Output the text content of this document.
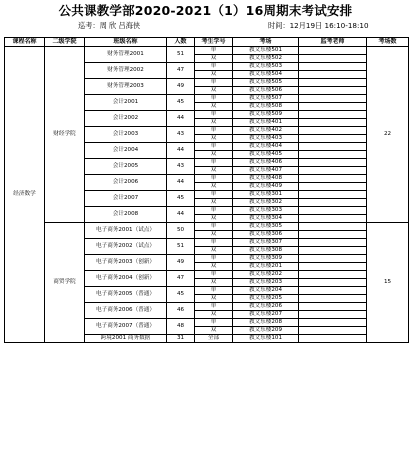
公共课教学部2020-2021（1）16周期末考试安排
巡考：周 欣 吕海侠	时间：12月19日 16:10-18:10
课程名称	二级学院	班级名称	人数	考生学号	考场	监考老师	考场数
经济数学	财经学院	财务管理2001	51	单	教文东楼501		22
				双	教文东楼502		
		财务管理2002	47	单	教文东楼503		
				双	教文东楼504		
		财务管理2003	49	单	教文东楼505		
				双	教文东楼506		
		会计2001	45	单	教文东楼507		
				双	教文东楼508		
		会计2002	44	单	教文东楼509		
				双	教文东楼401		
		会计2003	43	单	教文东楼402		
				双	教文东楼403		
		会计2004	44	单	教文东楼404		
				双	教文东楼405		
		会计2005	43	单	教文东楼406		
				双	教文东楼407		
		会计2006	44	单	教文东楼408		
				双	教文东楼409		
		会计2007	45	单	教文东楼301		
				双	教文东楼302		
		会计2008	44	单	教文东楼303		
				双	教文东楼304		
	商贸学院	电子商务2001（试点）	50	单	教文东楼305		15
				双	教文东楼306		
		电子商务2002（试点）	51	单	教文东楼307		
				双	教文东楼308		
		电子商务2003（创新）	49	单	教文东楼309		
				双	教文东楼201		
		电子商务2004（创新）	47	单	教文东楼202		
				双	教文东楼203		
		电子商务2005（普通）	45	单	教文东楼204		
				双	教文东楼205		
		电子商务2006（普通）	46	单	教文东楼206		
				双	教文东楼207		
		电子商务2007（普通）	48	单	教文东楼208		
				双	教文东楼209		
		跨境2001 商务数据	31	全部	教文东楼101		
